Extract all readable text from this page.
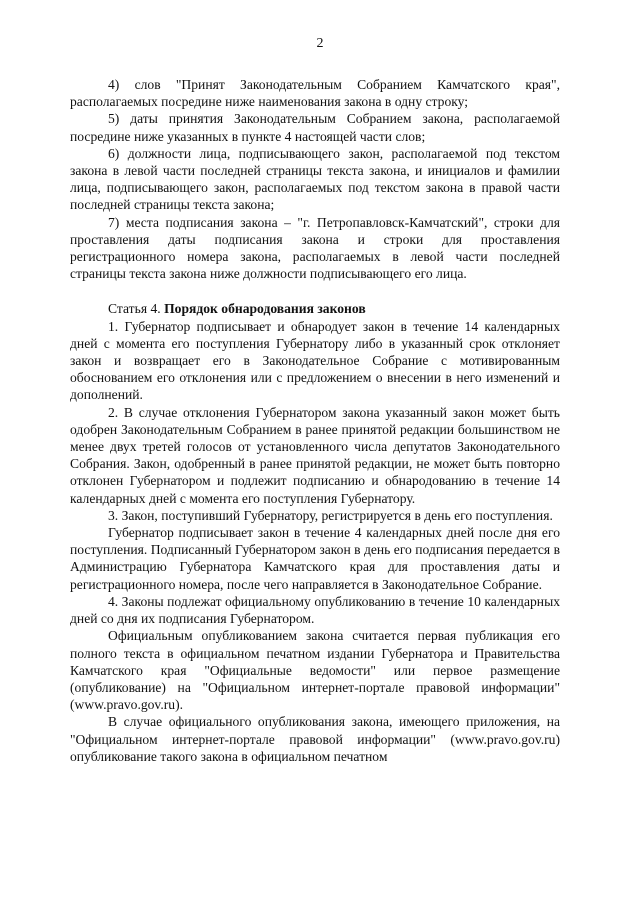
2

4) слов "Принят Законодательным Собранием Камчатского края", располагаемых посредине ниже наименования закона в одну строку;

5) даты принятия Законодательным Собранием закона, располагаемой посредине ниже указанных в пункте 4 настоящей части слов;

6) должности лица, подписывающего закон, располагаемой под текстом закона в левой части последней страницы текста закона, и инициалов и фамилии лица, подписывающего закон, располагаемых под текстом закона в правой части последней страницы текста закона;

7) места подписания закона – "г. Петропавловск-Камчатский", строки для проставления даты подписания закона и строки для проставления регистрационного номера закона, располагаемых в левой части последней страницы текста закона ниже должности подписывающего его лица.

Статья 4. Порядок обнародования законов

1. Губернатор подписывает и обнародует закон в течение 14 календарных дней с момента его поступления Губернатору либо в указанный срок отклоняет закон и возвращает его в Законодательное Собрание с мотивированным обоснованием его отклонения или с предложением о внесении в него изменений и дополнений.

2. В случае отклонения Губернатором закона указанный закон может быть одобрен Законодательным Собранием в ранее принятой редакции большинством не менее двух третей голосов от установленного числа депутатов Законодательного Собрания. Закон, одобренный в ранее принятой редакции, не может быть повторно отклонен Губернатором и подлежит подписанию и обнародованию в течение 14 календарных дней с момента его поступления Губернатору.

3. Закон, поступивший Губернатору, регистрируется в день его поступления.

Губернатор подписывает закон в течение 4 календарных дней после дня его поступления. Подписанный Губернатором закон в день его подписания передается в Администрацию Губернатора Камчатского края для проставления даты и регистрационного номера, после чего направляется в Законодательное Собрание.

4. Законы подлежат официальному опубликованию в течение 10 календарных дней со дня их подписания Губернатором.

Официальным опубликованием закона считается первая публикация его полного текста в официальном печатном издании Губернатора и Правительства Камчатского края "Официальные ведомости" или первое размещение (опубликование) на "Официальном интернет-портале правовой информации" (www.pravo.gov.ru).

В случае официального опубликования закона, имеющего приложения, на "Официальном интернет-портале правовой информации" (www.pravo.gov.ru) опубликование такого закона в официальном печатном
